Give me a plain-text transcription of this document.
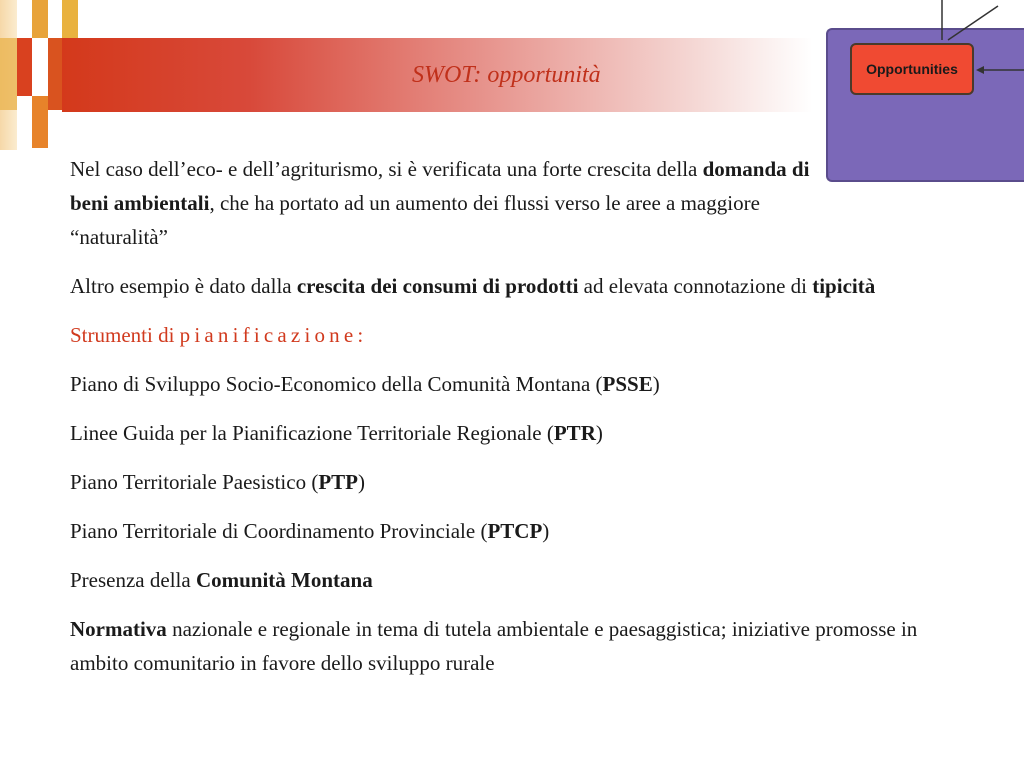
SWOT: opportunità	Opportunities

Nel caso dell’eco- e dell’agriturismo, si è verificata una forte crescita della domanda di beni ambientali, che ha portato ad un aumento dei flussi verso le aree a maggiore “naturalità”

Altro esempio è dato dalla crescita dei consumi di prodotti ad elevata connotazione di tipicità

Strumenti di pianificazione:

Piano di Sviluppo Socio-Economico della Comunità Montana (PSSE)

Linee Guida per la Pianificazione Territoriale Regionale (PTR)

Piano Territoriale Paesistico (PTP)

Piano Territoriale di Coordinamento Provinciale (PTCP)

Presenza della Comunità Montana

Normativa nazionale e regionale in tema di tutela ambientale e paesaggistica; iniziative promosse in ambito comunitario in favore dello sviluppo rurale
